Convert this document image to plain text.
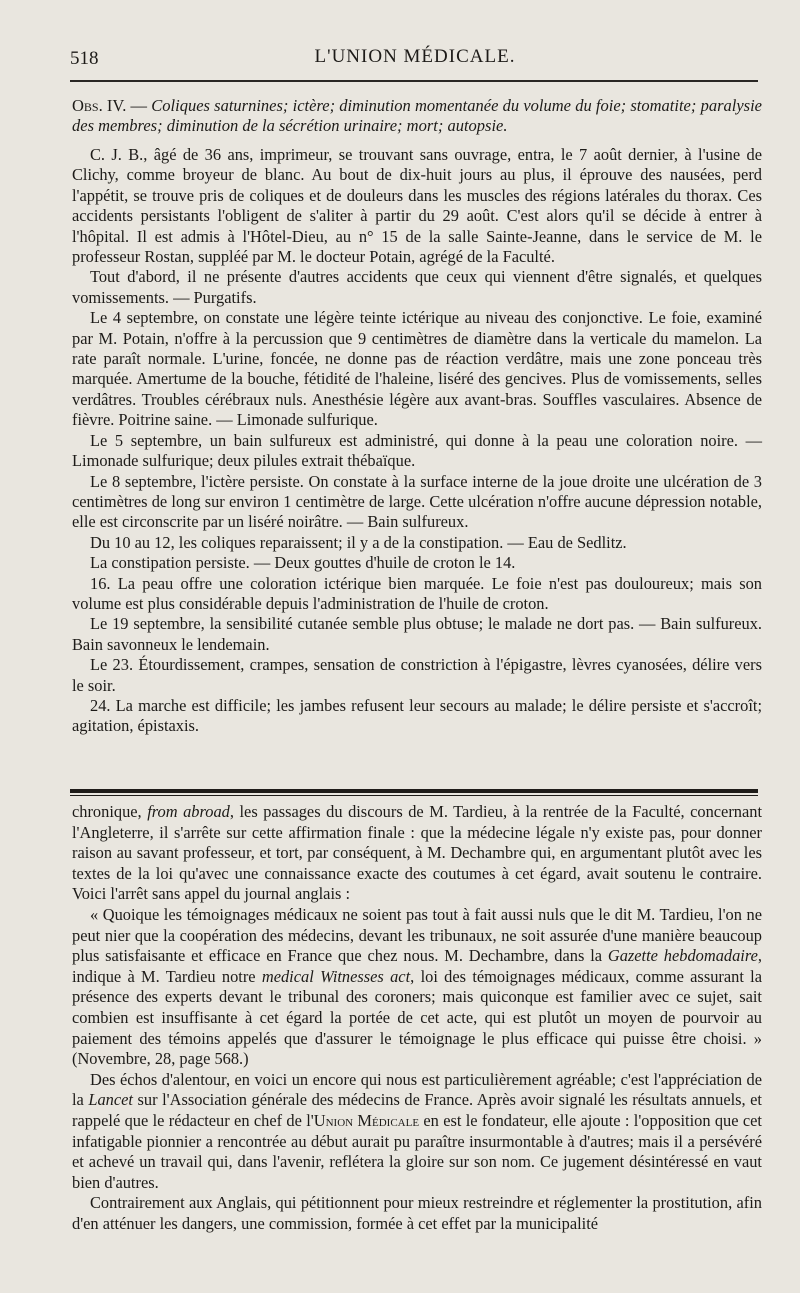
518	L'UNION MÉDICALE.
Obs. IV. — Coliques saturnines; ictère; diminution momentanée du volume du foie; stomatite; paralysie des membres; diminution de la sécrétion urinaire; mort; autopsie.

C. J. B., âgé de 36 ans, imprimeur, se trouvant sans ouvrage, entra, le 7 août dernier, à l'usine de Clichy, comme broyeur de blanc. Au bout de dix-huit jours au plus, il éprouve des nausées, perd l'appétit, se trouve pris de coliques et de douleurs dans les muscles des régions latérales du thorax. Ces accidents persistants l'obligent de s'aliter à partir du 29 août. C'est alors qu'il se décide à entrer à l'hôpital. Il est admis à l'Hôtel-Dieu, au n° 15 de la salle Sainte-Jeanne, dans le service de M. le professeur Rostan, suppléé par M. le docteur Potain, agrégé de la Faculté.

Tout d'abord, il ne présente d'autres accidents que ceux qui viennent d'être signalés, et quelques vomissements. — Purgatifs.

Le 4 septembre, on constate une légère teinte ictérique au niveau des conjonctive. Le foie, examiné par M. Potain, n'offre à la percussion que 9 centimètres de diamètre dans la verticale du mamelon. La rate paraît normale. L'urine, foncée, ne donne pas de réaction verdâtre, mais une zone ponceau très marquée. Amertume de la bouche, fétidité de l'haleine, liséré des gencives. Plus de vomissements, selles verdâtres. Troubles cérébraux nuls. Anesthésie légère aux avant-bras. Souffles vasculaires. Absence de fièvre. Poitrine saine. — Limonade sulfurique.

Le 5 septembre, un bain sulfureux est administré, qui donne à la peau une coloration noire. — Limonade sulfurique; deux pilules extrait thébaïque.

Le 8 septembre, l'ictère persiste. On constate à la surface interne de la joue droite une ulcération de 3 centimètres de long sur environ 1 centimètre de large. Cette ulcération n'offre aucune dépression notable, elle est circonscrite par un liséré noirâtre. — Bain sulfureux.

Du 10 au 12, les coliques reparaissent; il y a de la constipation. — Eau de Sedlitz.

La constipation persiste. — Deux gouttes d'huile de croton le 14.

16. La peau offre une coloration ictérique bien marquée. Le foie n'est pas douloureux; mais son volume est plus considérable depuis l'administration de l'huile de croton.

Le 19 septembre, la sensibilité cutanée semble plus obtuse; le malade ne dort pas. — Bain sulfureux. Bain savonneux le lendemain.

Le 23. Étourdissement, crampes, sensation de constriction à l'épigastre, lèvres cyanosées, délire vers le soir.

24. La marche est difficile; les jambes refusent leur secours au malade; le délire persiste et s'accroît; agitation, épistaxis.

chronique, from abroad, les passages du discours de M. Tardieu, à la rentrée de la Faculté, concernant l'Angleterre, il s'arrête sur cette affirmation finale : que la médecine légale n'y existe pas, pour donner raison au savant professeur, et tort, par conséquent, à M. Dechambre qui, en argumentant plutôt avec les textes de la loi qu'avec une connaissance exacte des coutumes à cet égard, avait soutenu le contraire. Voici l'arrêt sans appel du journal anglais :

« Quoique les témoignages médicaux ne soient pas tout à fait aussi nuls que le dit M. Tardieu, l'on ne peut nier que la coopération des médecins, devant les tribunaux, ne soit assurée d'une manière beaucoup plus satisfaisante et efficace en France que chez nous. M. Dechambre, dans la Gazette hebdomadaire, indique à M. Tardieu notre medical Witnesses act, loi des témoignages médicaux, comme assurant la présence des experts devant le tribunal des coroners; mais quiconque est familier avec ce sujet, sait combien est insuffisante à cet égard la portée de cet acte, qui est plutôt un moyen de pourvoir au paiement des témoins appelés que d'assurer le témoignage le plus efficace qui puisse être choisi. » (Novembre, 28, page 568.)

Des échos d'alentour, en voici un encore qui nous est particulièrement agréable; c'est l'appréciation de la Lancet sur l'Association générale des médecins de France. Après avoir signalé les résultats annuels, et rappelé que le rédacteur en chef de l'Union Médicale en est le fondateur, elle ajoute : l'opposition que cet infatigable pionnier a rencontrée au début aurait pu paraître insurmontable à d'autres; mais il a persévéré et achevé un travail qui, dans l'avenir, reflétera la gloire sur son nom. Ce jugement désintéressé en vaut bien d'autres.

Contrairement aux Anglais, qui pétitionnent pour mieux restreindre et réglementer la prostitution, afin d'en atténuer les dangers, une commission, formée à cet effet par la municipalité
